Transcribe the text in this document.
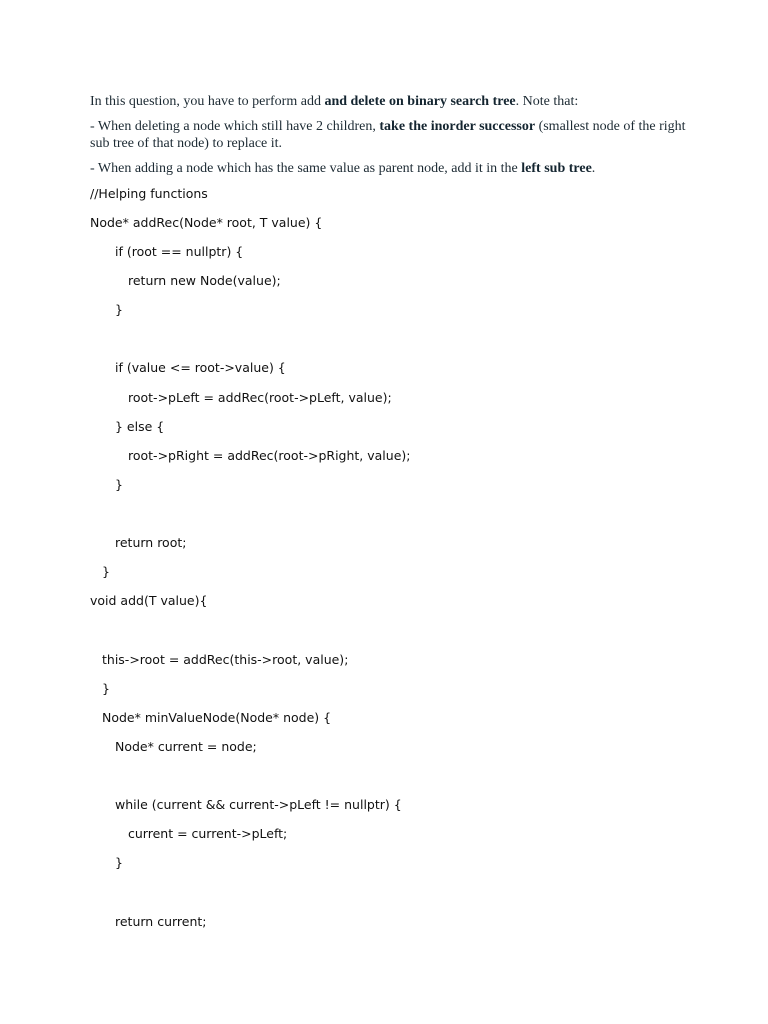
In this question, you have to perform add and delete on binary search tree. Note that:

- When deleting a node which still have 2 children, take the inorder successor (smallest node of the right sub tree of that node) to replace it.

- When adding a node which has the same value as parent node, add it in the left sub tree.

//Helping functions
Node* addRec(Node* root, T value) {
if (root == nullptr) {
return new Node(value);
}
if (value <= root->value) {
root->pLeft = addRec(root->pLeft, value);
} else {
root->pRight = addRec(root->pRight, value);
}
return root;
}
void add(T value){
this->root = addRec(this->root, value);
}
Node* minValueNode(Node* node) {
Node* current = node;
while (current && current->pLeft != nullptr) {
current = current->pLeft;
}
return current;
